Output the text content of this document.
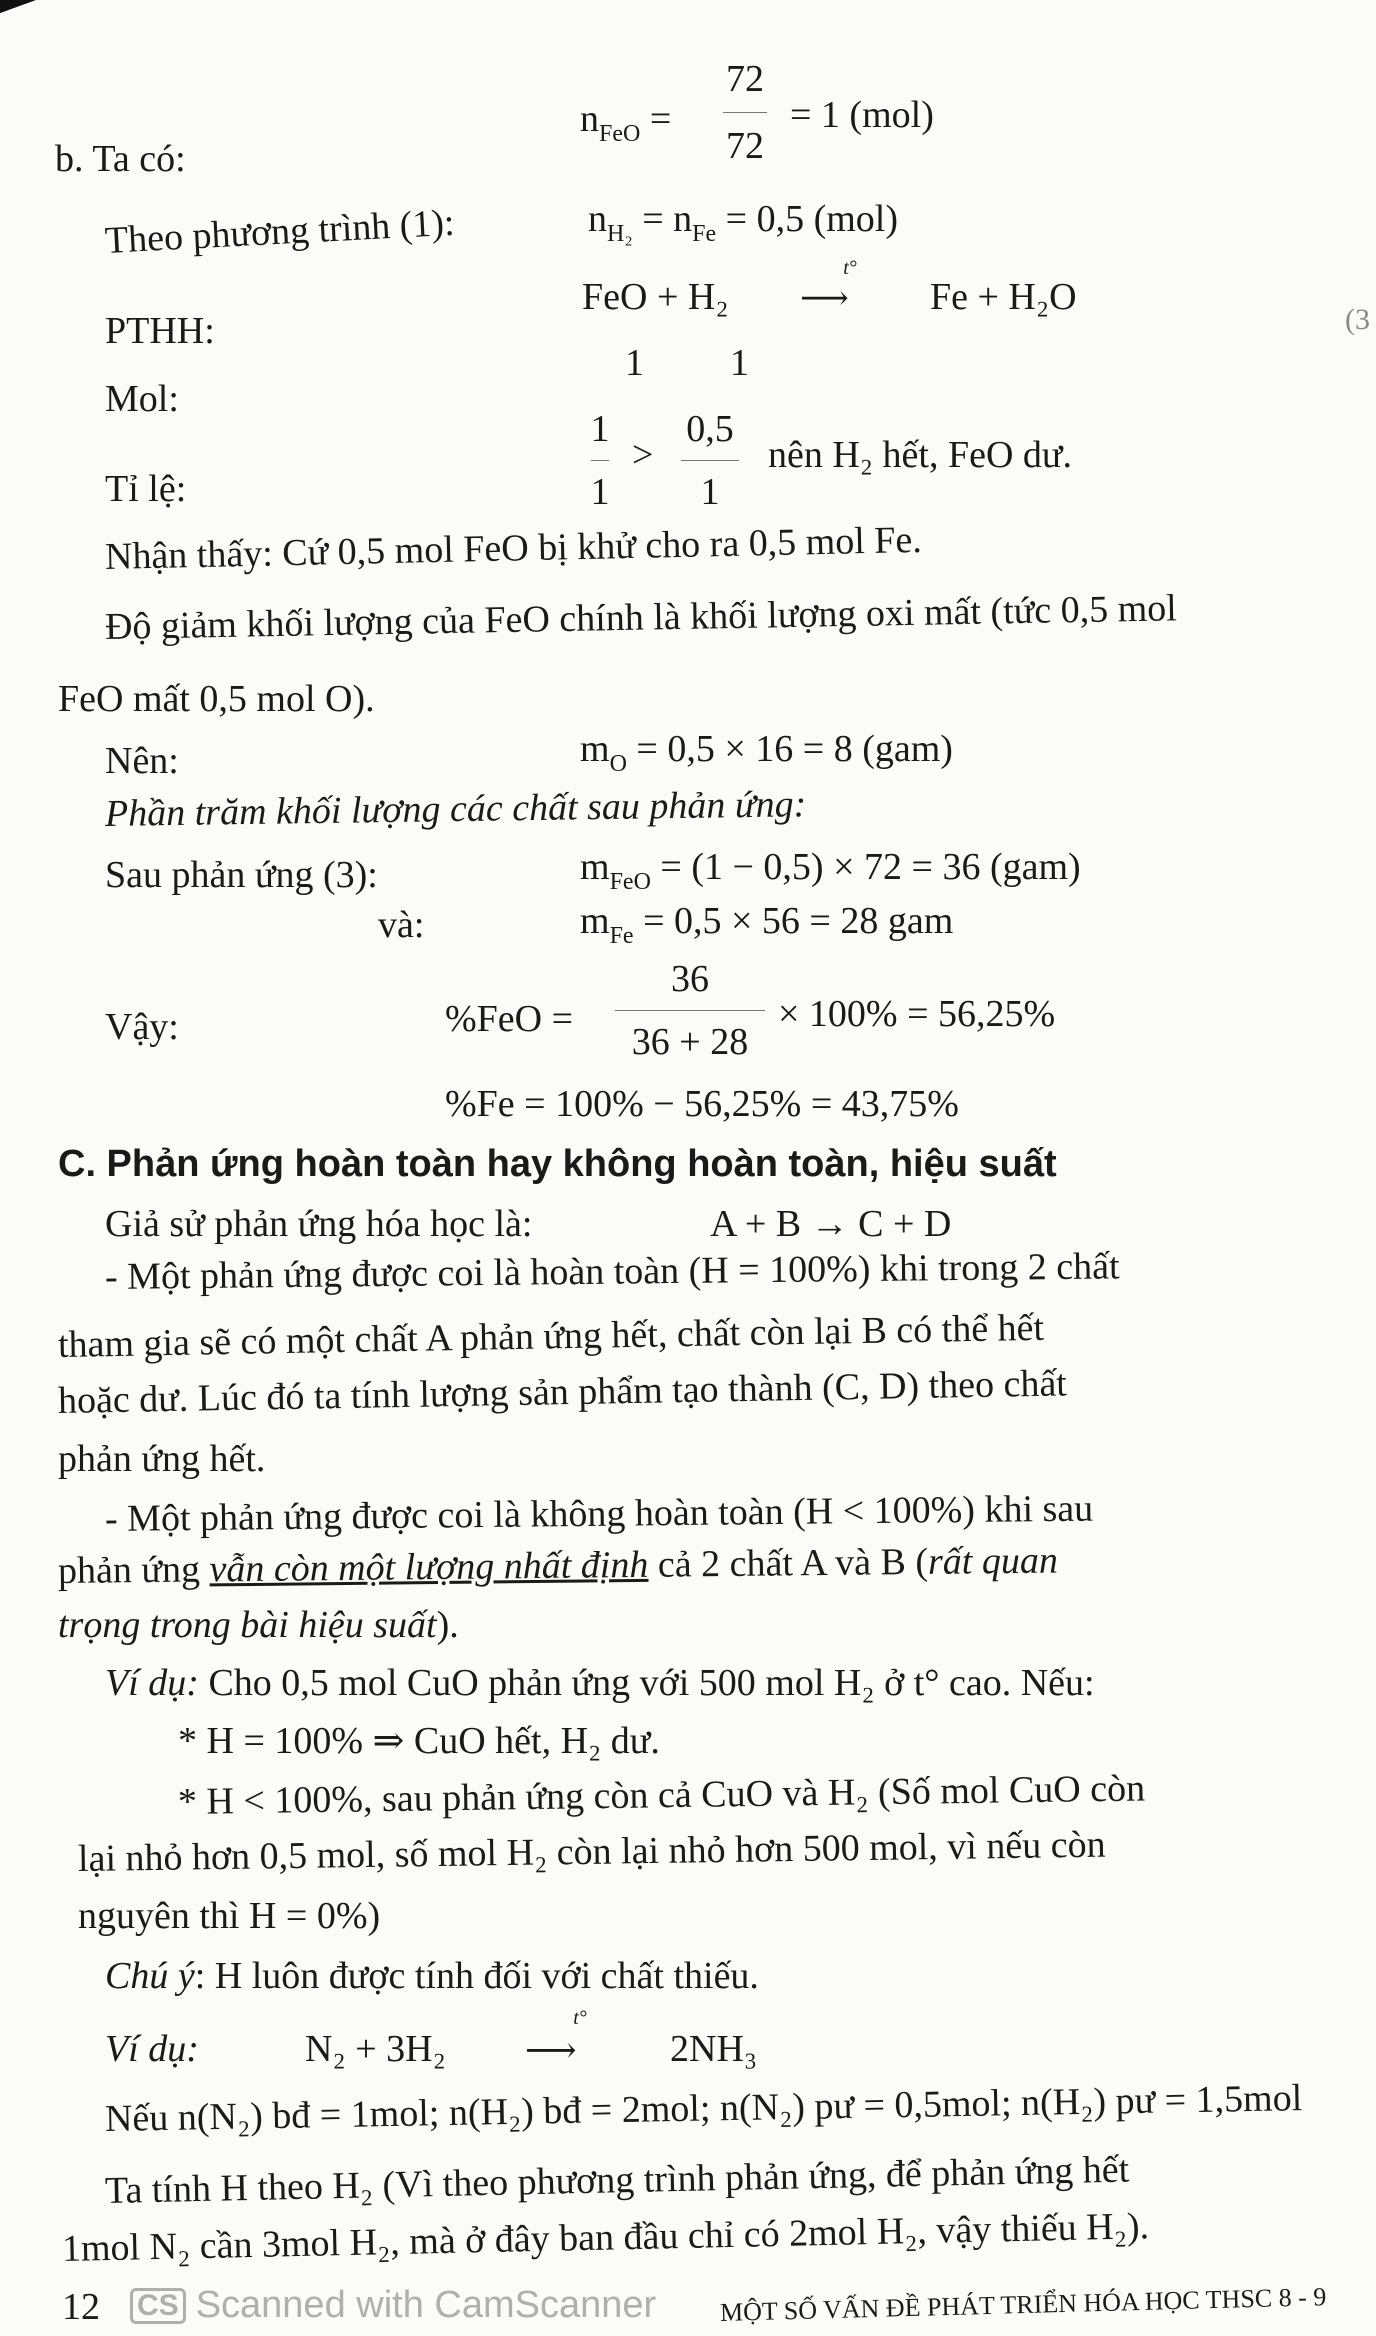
b. Ta có:
$n_{FeO}$ =
72
72
= 1 (mol)
Theo phương trình (1):	$n_{H_2} = n_{Fe} = 0,5$ (mol)
PTHH:
FeO + H₂
t°
⟶ Fe + H₂O
(3
Mol:
1 1
Tỉ lệ:
1
1
>
0,5
1
nên H₂ hết, FeO dư.
Nhận thấy: Cứ 0,5 mol FeO bị khử cho ra 0,5 mol Fe.
Độ giảm khối lượng của FeO chính là khối lượng oxi mất (tức 0,5 mol
FeO mất 0,5 mol O).
Nên:	$m_O = 0,5 \times 16 = 8$ (gam)
Phần trăm khối lượng các chất sau phản ứng:
Sau phản ứng (3):	$m_{FeO} = (1 - 0,5) \times 72 = 36$ (gam)
và:	$m_{Fe} = 0,5 \times 56 = 28$ gam
Vậy:	%FeO =
36
36 + 28
× 100% = 56,25%
%Fe = 100% − 56,25% = 43,75%
C. Phản ứng hoàn toàn hay không hoàn toàn, hiệu suất
Giả sử phản ứng hóa học là:	A + B → C + D
- Một phản ứng được coi là hoàn toàn (H = 100%) khi trong 2 chất
tham gia sẽ có một chất A phản ứng hết, chất còn lại B có thể hết
hoặc dư. Lúc đó ta tính lượng sản phẩm tạo thành (C, D) theo chất
phản ứng hết.
- Một phản ứng được coi là không hoàn toàn (H < 100%) khi sau
phản ứng vẫn còn một lượng nhất định cả 2 chất A và B (rất quan
trọng trong bài hiệu suất).
Ví dụ: Cho 0,5 mol CuO phản ứng với 500 mol H₂ ở t° cao. Nếu:
* H = 100% ⇒ CuO hết, H₂ dư.
* H < 100%, sau phản ứng còn cả CuO và H₂ (Số mol CuO còn
lại nhỏ hơn 0,5 mol, số mol H₂ còn lại nhỏ hơn 500 mol, vì nếu còn
nguyên thì H = 0%)
Chú ý: H luôn được tính đối với chất thiếu.
Ví dụ:	N₂ + 3H₂
t°
⟶ 2NH₃
Nếu n(N₂) bđ = 1mol; n(H₂) bđ = 2mol; n(N₂) pư = 0,5mol; n(H₂) pư = 1,5mol
Ta tính H theo H₂ (Vì theo phương trình phản ứng, để phản ứng hết
1mol N₂ cần 3mol H₂, mà ở đây ban đầu chỉ có 2mol H₂, vậy thiếu H₂).
CS Scanned with CamScanner
12	MỘT SỐ VẤN ĐỀ PHÁT TRIỂN HÓA HỌC THSC 8 - 9
